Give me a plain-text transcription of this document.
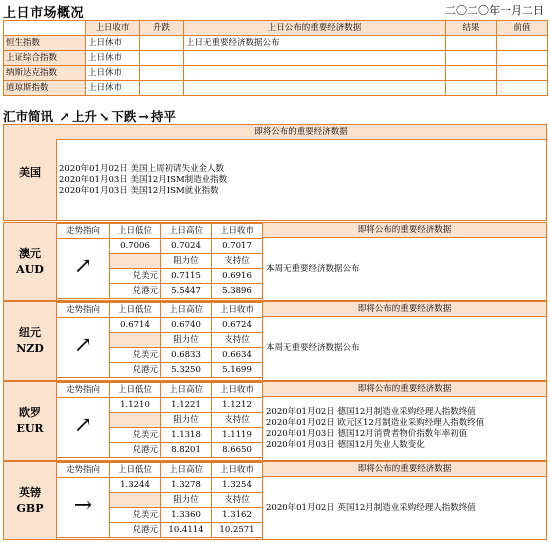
上日市场概况	二〇二〇年一月二日
	上日收市	升跌	上日公布的重要经济数据	结果	前值
恒生指数	上日休市		上日无重要经济数据公布		
上证综合指数	上日休市				
纳斯达克指数	上日休市				
道琼斯指数	上日休市				
汇市简讯 ↗ 上升 ↘ 下跌 → 持平
美国
即将公布的重要经济数据
2020年01月02日 美国上周初请失业金人数
2020年01月03日 美国12月ISM制造业指数
2020年01月03日 美国12月ISM就业指数
澳元
AUD
走势指向	上日低位	上日高位	上日收市
↗	0.7006	0.7024	0.7017
		阻力位	支持位
	兑美元	0.7115	0.6916
	兑港元	5.5447	5.3896
即将公布的重要经济数据
本周无重要经济数据公布
纽元
NZD
走势指向	上日低位	上日高位	上日收市
↗	0.6714	0.6740	0.6724
		阻力位	支持位
	兑美元	0.6833	0.6634
	兑港元	5.3250	5.1699
即将公布的重要经济数据
本周无重要经济数据公布
欧罗
EUR
走势指向	上日低位	上日高位	上日收市
↗	1.1210	1.1221	1.1212
		阻力位	支持位
	兑美元	1.1318	1.1119
	兑港元	8.8201	8.6650
即将公布的重要经济数据
2020年01月02日 德国12月制造业采购经理人指数终值
2020年01月02日 欧元区12月制造业采购经理人指数终值
2020年01月03日 德国12月消费者物价指数年率初值
2020年01月03日 德国12月失业人数变化
英镑
GBP
走势指向	上日低位	上日高位	上日收市
→	1.3244	1.3278	1.3254
		阻力位	支持位
	兑美元	1.3360	1.3162
	兑港元	10.4114	10.2571
即将公布的重要经济数据
2020年01月02日 英国12月制造业采购经理人指数终值
